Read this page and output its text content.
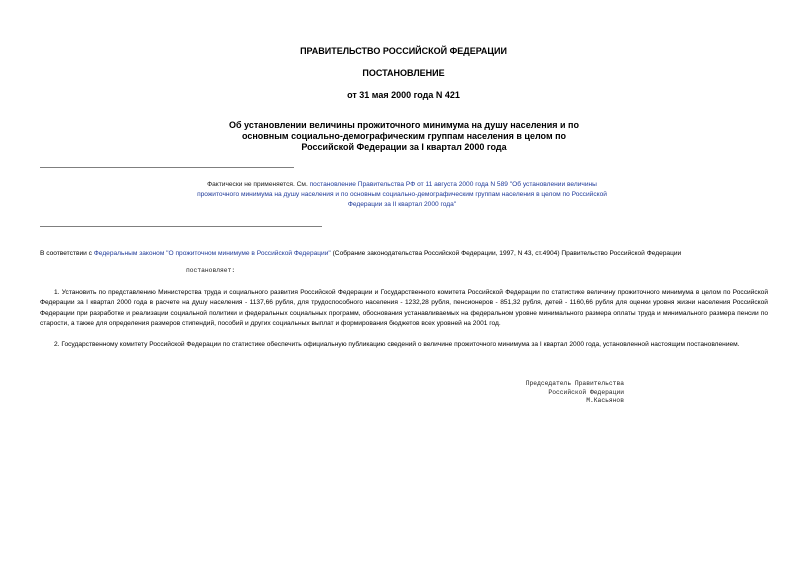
ПРАВИТЕЛЬСТВО РОССИЙСКОЙ ФЕДЕРАЦИИ
ПОСТАНОВЛЕНИЕ
от 31 мая 2000 года N 421
Об установлении величины прожиточного минимума на душу населения и по основным социально-демографическим группам населения в целом по Российской Федерации за I квартал 2000 года
Фактически не применяется. См. постановление Правительства РФ от 11 августа 2000 года N 589 "Об установлении величины прожиточного минимума на душу населения и по основным социально-демографическим группам населения в целом по Российской Федерации за II квартал 2000 года"
В соответствии с Федеральным законом "О прожиточном минимуме в Российской Федерации" (Собрание законодательства Российской Федерации, 1997, N 43, ст.4904) Правительство Российской Федерации
постановляет:
1. Установить по представлению Министерства труда и социального развития Российской Федерации и Государственного комитета Российской Федерации по статистике величину прожиточного минимума в целом по Российской Федерации за I квартал 2000 года в расчете на душу населения - 1137,66 рубля, для трудоспособного населения - 1232,28 рубля, пенсионеров - 851,32 рубля, детей - 1160,66 рубля для оценки уровня жизни населения Российской Федерации при разработке и реализации социальной политики и федеральных социальных программ, обоснования устанавливаемых на федеральном уровне минимального размера оплаты труда и минимального размера пенсии по старости, а также для определения размеров стипендий, пособий и других социальных выплат и формирования бюджетов всех уровней на 2001 год.
2. Государственному комитету Российской Федерации по статистике обеспечить официальную публикацию сведений о величине прожиточного минимума за I квартал 2000 года, установленной настоящим постановлением.
Председатель Правительства
Российской Федерации
М.Касьянов
